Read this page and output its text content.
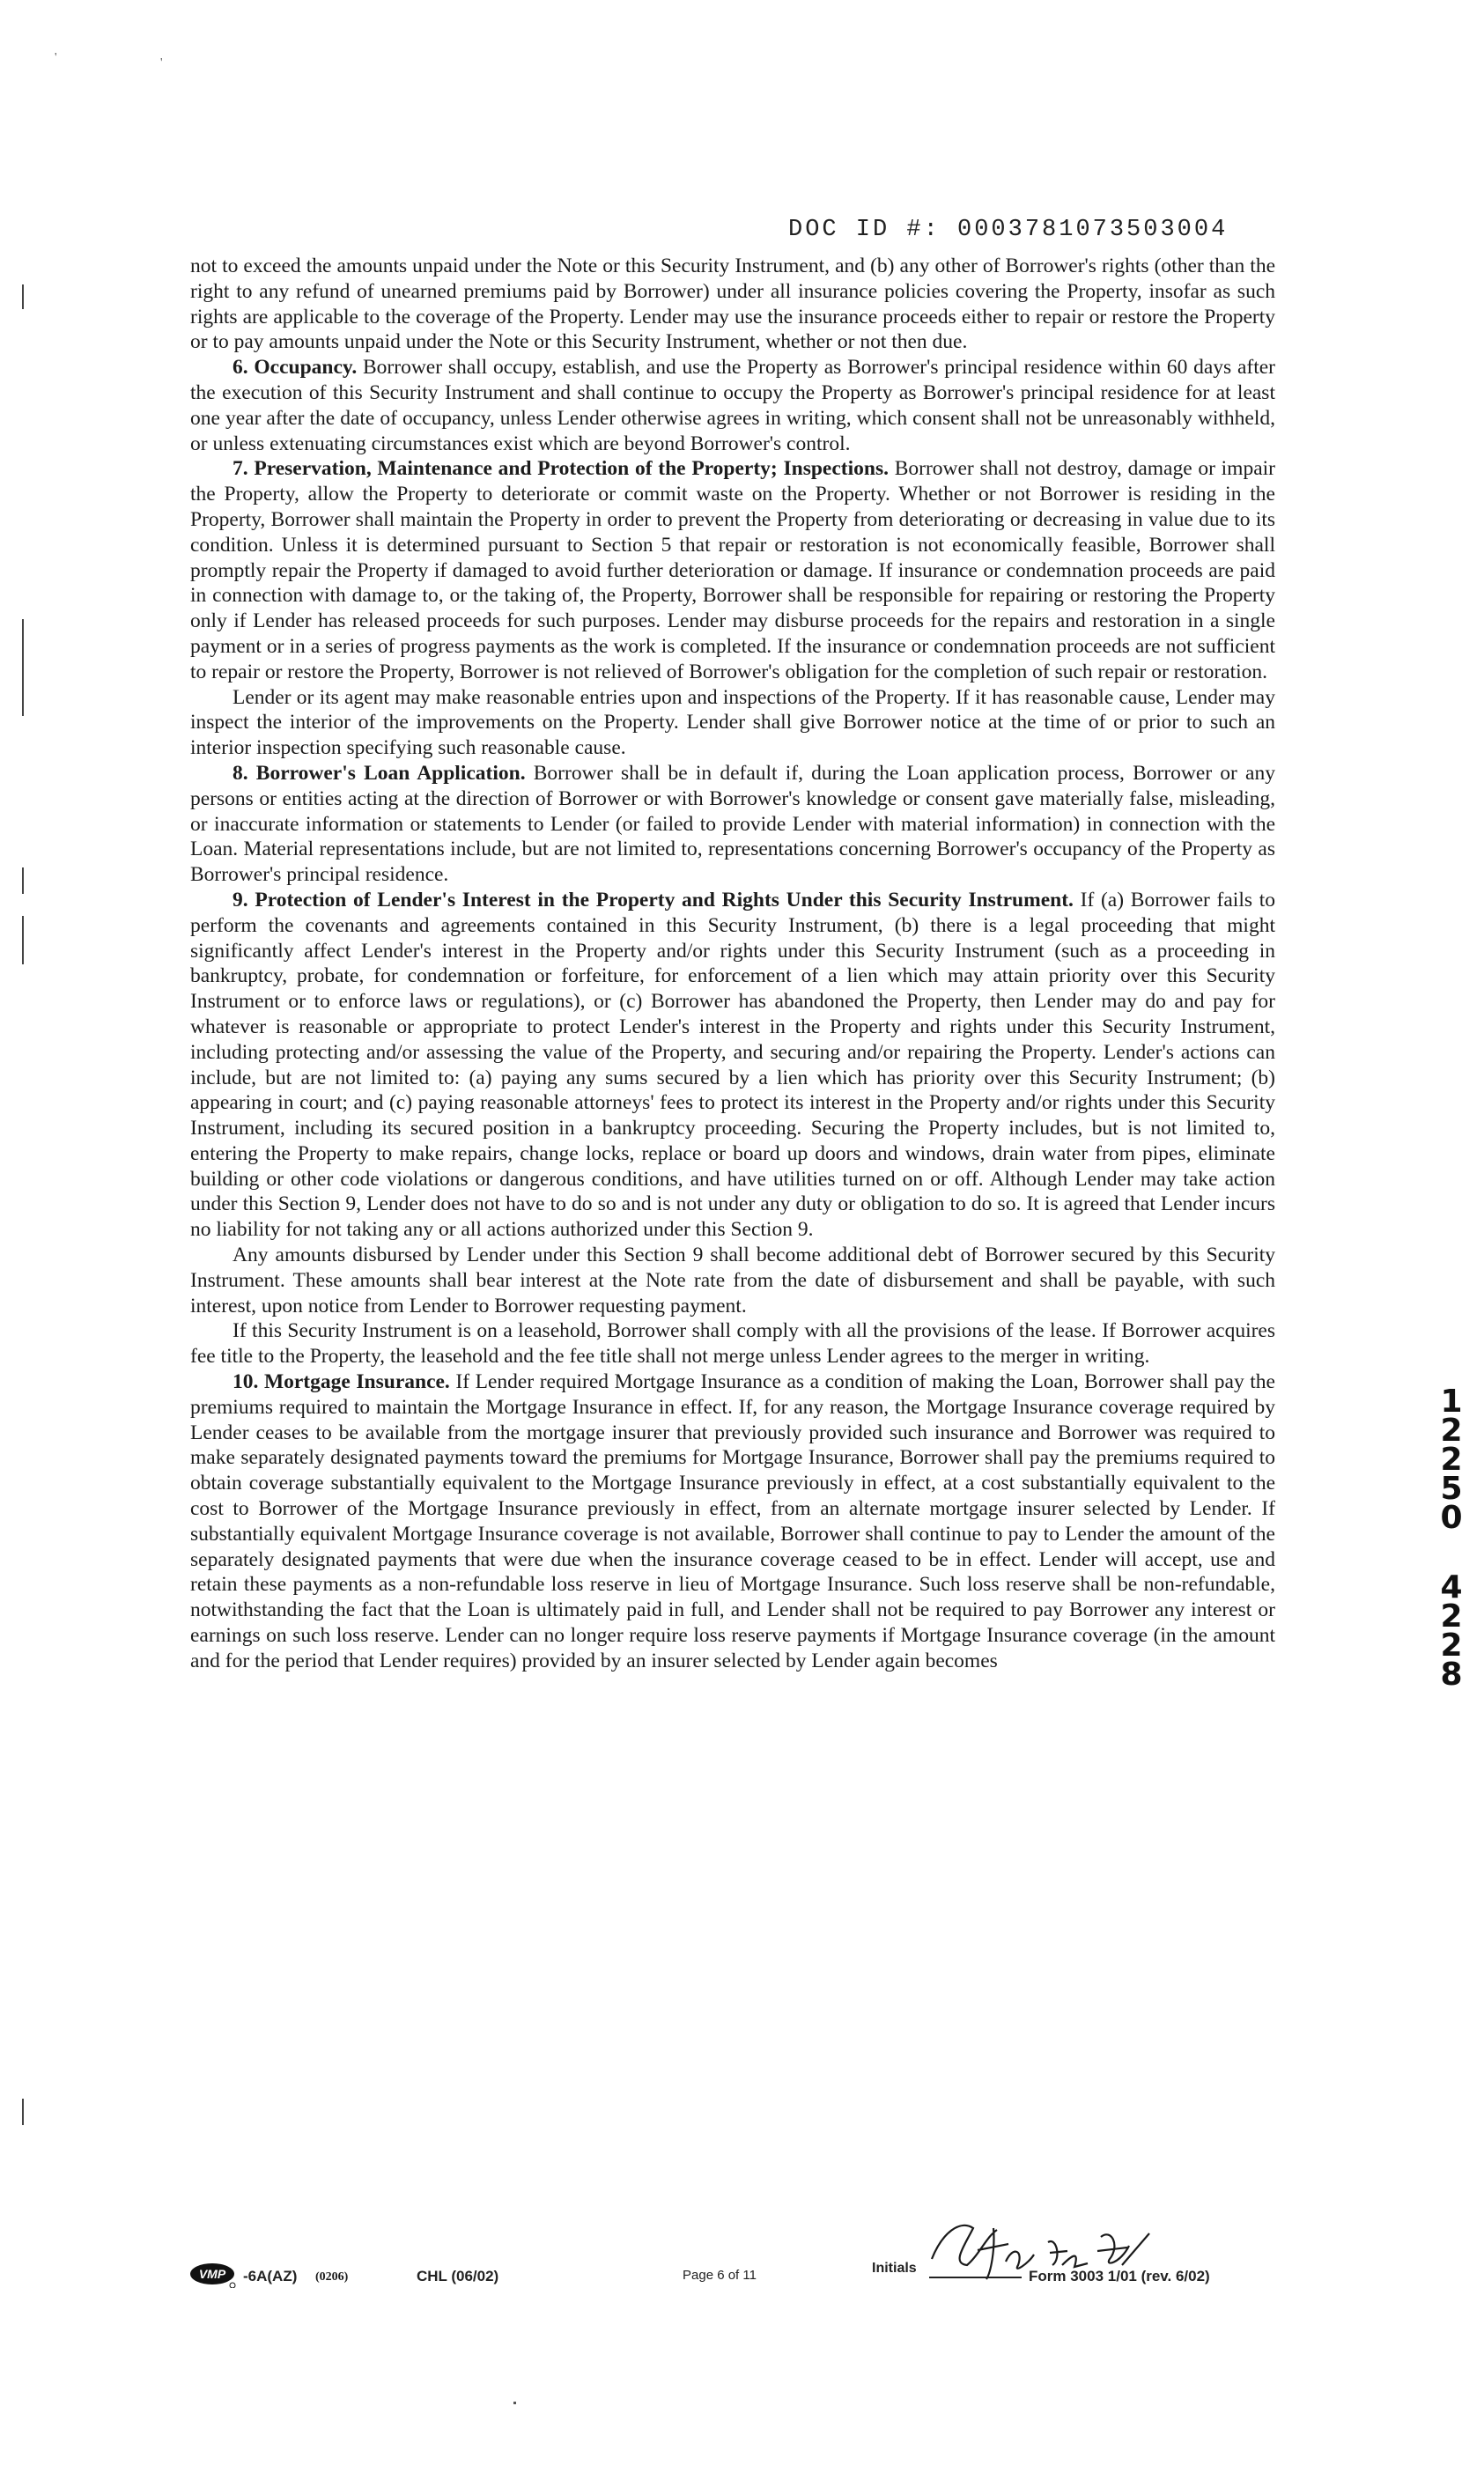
'	'
DOC ID #: 0003781073503004

not to exceed the amounts unpaid under the Note or this Security Instrument, and (b) any other of Borrower's rights (other than the right to any refund of unearned premiums paid by Borrower) under all insurance policies covering the Property, insofar as such rights are applicable to the coverage of the Property. Lender may use the insurance proceeds either to repair or restore the Property or to pay amounts unpaid under the Note or this Security Instrument, whether or not then due.

6. Occupancy. Borrower shall occupy, establish, and use the Property as Borrower's principal residence within 60 days after the execution of this Security Instrument and shall continue to occupy the Property as Borrower's principal residence for at least one year after the date of occupancy, unless Lender otherwise agrees in writing, which consent shall not be unreasonably withheld, or unless extenuating circumstances exist which are beyond Borrower's control.

7. Preservation, Maintenance and Protection of the Property; Inspections. Borrower shall not destroy, damage or impair the Property, allow the Property to deteriorate or commit waste on the Property. Whether or not Borrower is residing in the Property, Borrower shall maintain the Property in order to prevent the Property from deteriorating or decreasing in value due to its condition. Unless it is determined pursuant to Section 5 that repair or restoration is not economically feasible, Borrower shall promptly repair the Property if damaged to avoid further deterioration or damage. If insurance or condemnation proceeds are paid in connection with damage to, or the taking of, the Property, Borrower shall be responsible for repairing or restoring the Property only if Lender has released proceeds for such purposes. Lender may disburse proceeds for the repairs and restoration in a single payment or in a series of progress payments as the work is completed. If the insurance or condemnation proceeds are not sufficient to repair or restore the Property, Borrower is not relieved of Borrower's obligation for the completion of such repair or restoration.

Lender or its agent may make reasonable entries upon and inspections of the Property. If it has reasonable cause, Lender may inspect the interior of the improvements on the Property. Lender shall give Borrower notice at the time of or prior to such an interior inspection specifying such reasonable cause.

8. Borrower's Loan Application. Borrower shall be in default if, during the Loan application process, Borrower or any persons or entities acting at the direction of Borrower or with Borrower's knowledge or consent gave materially false, misleading, or inaccurate information or statements to Lender (or failed to provide Lender with material information) in connection with the Loan. Material representations include, but are not limited to, representations concerning Borrower's occupancy of the Property as Borrower's principal residence.

9. Protection of Lender's Interest in the Property and Rights Under this Security Instrument. If (a) Borrower fails to perform the covenants and agreements contained in this Security Instrument, (b) there is a legal proceeding that might significantly affect Lender's interest in the Property and/or rights under this Security Instrument (such as a proceeding in bankruptcy, probate, for condemnation or forfeiture, for enforcement of a lien which may attain priority over this Security Instrument or to enforce laws or regulations), or (c) Borrower has abandoned the Property, then Lender may do and pay for whatever is reasonable or appropriate to protect Lender's interest in the Property and rights under this Security Instrument, including protecting and/or assessing the value of the Property, and securing and/or repairing the Property. Lender's actions can include, but are not limited to: (a) paying any sums secured by a lien which has priority over this Security Instrument; (b) appearing in court; and (c) paying reasonable attorneys' fees to protect its interest in the Property and/or rights under this Security Instrument, including its secured position in a bankruptcy proceeding. Securing the Property includes, but is not limited to, entering the Property to make repairs, change locks, replace or board up doors and windows, drain water from pipes, eliminate building or other code violations or dangerous conditions, and have utilities turned on or off. Although Lender may take action under this Section 9, Lender does not have to do so and is not under any duty or obligation to do so. It is agreed that Lender incurs no liability for not taking any or all actions authorized under this Section 9.

Any amounts disbursed by Lender under this Section 9 shall become additional debt of Borrower secured by this Security Instrument. These amounts shall bear interest at the Note rate from the date of disbursement and shall be payable, with such interest, upon notice from Lender to Borrower requesting payment.

If this Security Instrument is on a leasehold, Borrower shall comply with all the provisions of the lease. If Borrower acquires fee title to the Property, the leasehold and the fee title shall not merge unless Lender agrees to the merger in writing.

10. Mortgage Insurance. If Lender required Mortgage Insurance as a condition of making the Loan, Borrower shall pay the premiums required to maintain the Mortgage Insurance in effect. If, for any reason, the Mortgage Insurance coverage required by Lender ceases to be available from the mortgage insurer that previously provided such insurance and Borrower was required to make separately designated payments toward the premiums for Mortgage Insurance, Borrower shall pay the premiums required to obtain coverage substantially equivalent to the Mortgage Insurance previously in effect, at a cost substantially equivalent to the cost to Borrower of the Mortgage Insurance previously in effect, from an alternate mortgage insurer selected by Lender. If substantially equivalent Mortgage Insurance coverage is not available, Borrower shall continue to pay to Lender the amount of the separately designated payments that were due when the insurance coverage ceased to be in effect. Lender will accept, use and retain these payments as a non-refundable loss reserve in lieu of Mortgage Insurance. Such loss reserve shall be non-refundable, notwithstanding the fact that the Loan is ultimately paid in full, and Lender shall not be required to pay Borrower any interest or earnings on such loss reserve. Lender can no longer require loss reserve payments if Mortgage Insurance coverage (in the amount and for the period that Lender requires) provided by an insurer selected by Lender again becomes

1
2
2
5
0
4
2
2
8
Initials
VMP -6A(AZ) (0206)	CHL (06/02)	Page 6 of 11	Form 3003 1/01 (rev. 6/02)
